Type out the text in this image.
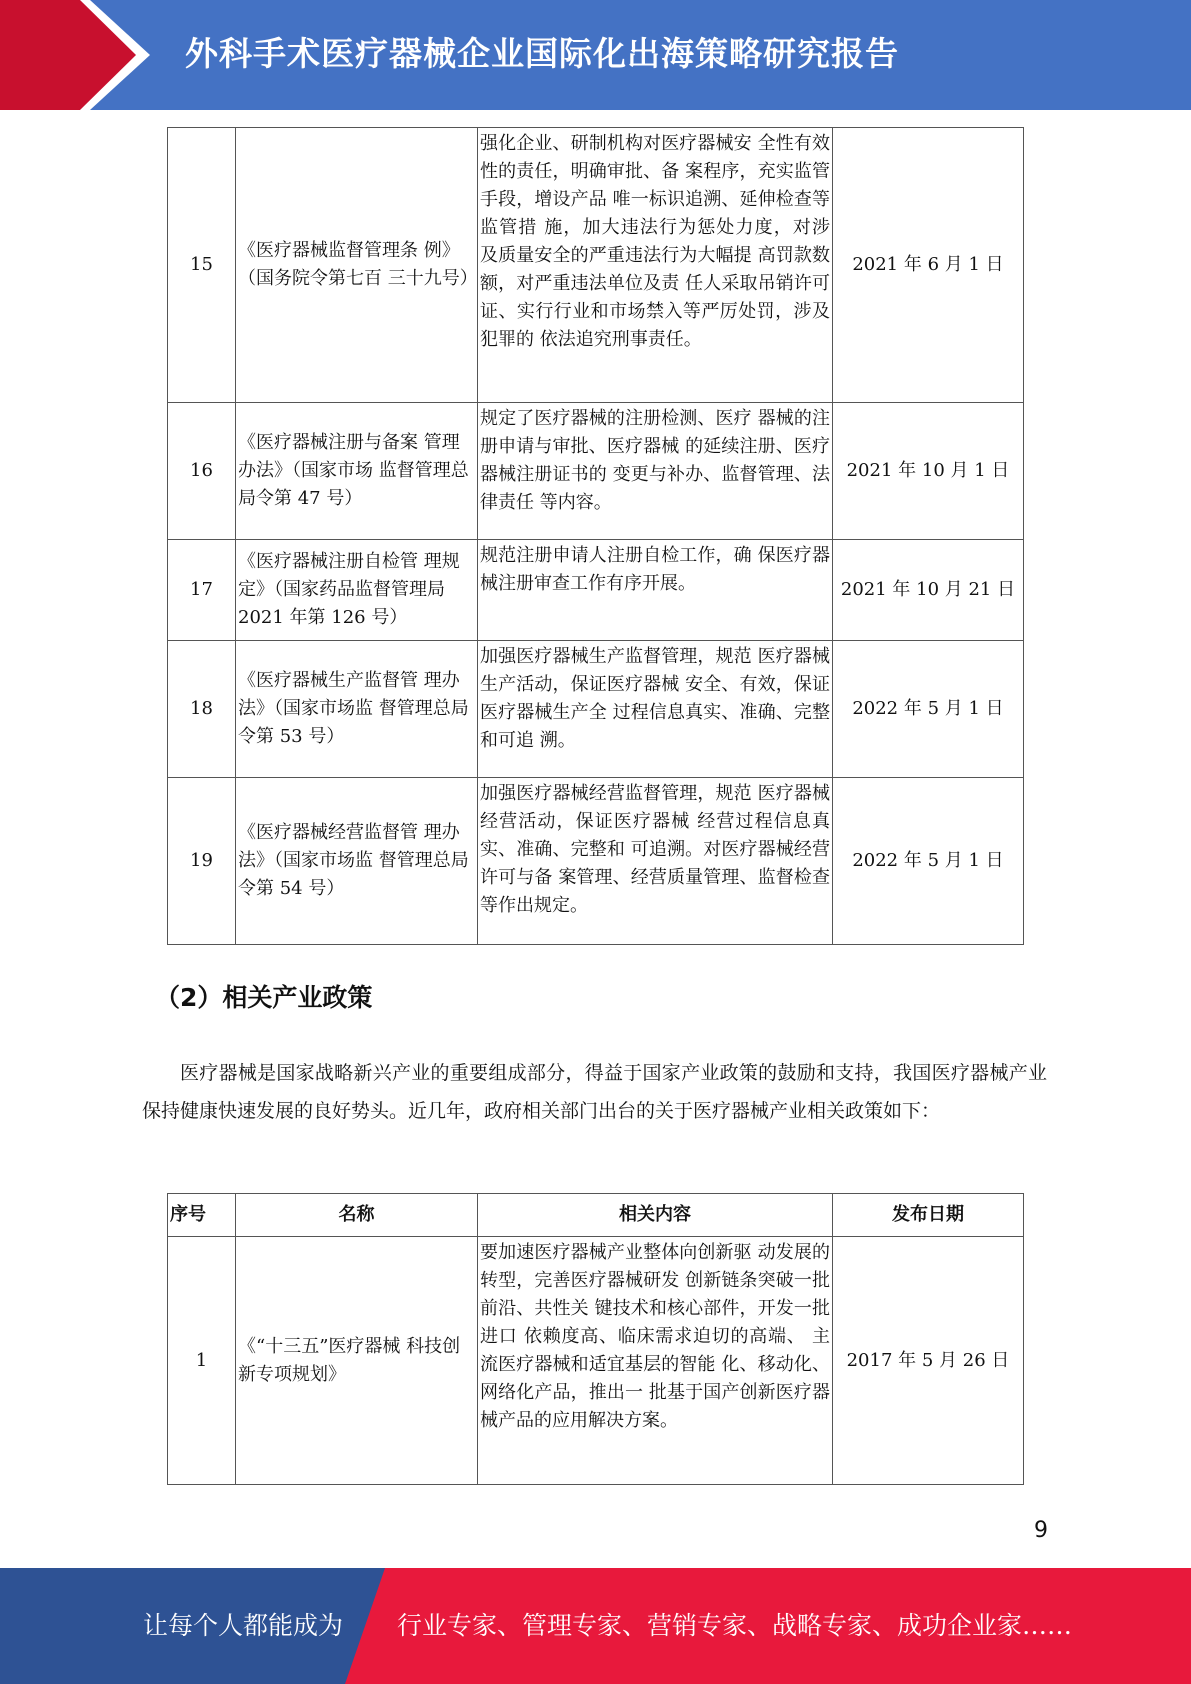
外科手术医疗器械企业国际化出海策略研究报告
15	《医疗器械监督管理条 例》（国务院令第七百 三十九号）	强化企业、研制机构对医疗器械安 全性有效性的责任，明确审批、备 案程序，充实监管手段，增设产品 唯一标识追溯、延伸检查等监管措 施，加大违法行为惩处力度，对涉 及质量安全的严重违法行为大幅提 高罚款数额，对严重违法单位及责 任人采取吊销许可证、实行行业和市场禁入等严厉处罚，涉及犯罪的 依法追究刑事责任。	2021 年 6 月 1 日
16	《医疗器械注册与备案 管理办法》（国家市场 监督管理总局令第 47 号）	规定了医疗器械的注册检测、医疗 器械的注册申请与审批、医疗器械 的延续注册、医疗器械注册证书的 变更与补办、监督管理、法律责任 等内容。	2021 年 10 月 1 日
17	《医疗器械注册自检管 理规定》（国家药品监督管理局 2021 年第 126 号）	规范注册申请人注册自检工作，确 保医疗器械注册审查工作有序开展。	2021 年 10 月 21 日
18	《医疗器械生产监督管 理办法》（国家市场监 督管理总局令第 53 号）	加强医疗器械生产监督管理，规范 医疗器械生产活动，保证医疗器械 安全、有效，保证医疗器械生产全 过程信息真实、准确、完整和可追 溯。	2022 年 5 月 1 日
19	《医疗器械经营监督管 理办法》（国家市场监 督管理总局令第 54 号）	加强医疗器械经营监督管理，规范 医疗器械经营活动，保证医疗器械 经营过程信息真实、准确、完整和 可追溯。对医疗器械经营许可与备 案管理、经营质量管理、监督检查 等作出规定。	2022 年 5 月 1 日
（2）相关产业政策
医疗器械是国家战略新兴产业的重要组成部分，得益于国家产业政策的鼓励和支持，我国医疗器械产业保持健康快速发展的良好势头。近几年，政府相关部门出台的关于医疗器械产业相关政策如下：
序号	名称	相关内容	发布日期
1	《“十三五”医疗器械 科技创新专项规划》	要加速医疗器械产业整体向创新驱 动发展的转型，完善医疗器械研发 创新链条突破一批前沿、共性关 键技术和核心部件，开发一批进口 依赖度高、临床需求迫切的高端、 主流医疗器械和适宜基层的智能 化、移动化、网络化产品，推出一 批基于国产创新医疗器械产品的应用解决方案。	2017 年 5 月 26 日
9
让每个人都能成为 行业专家、管理专家、营销专家、战略专家、成功企业家……
